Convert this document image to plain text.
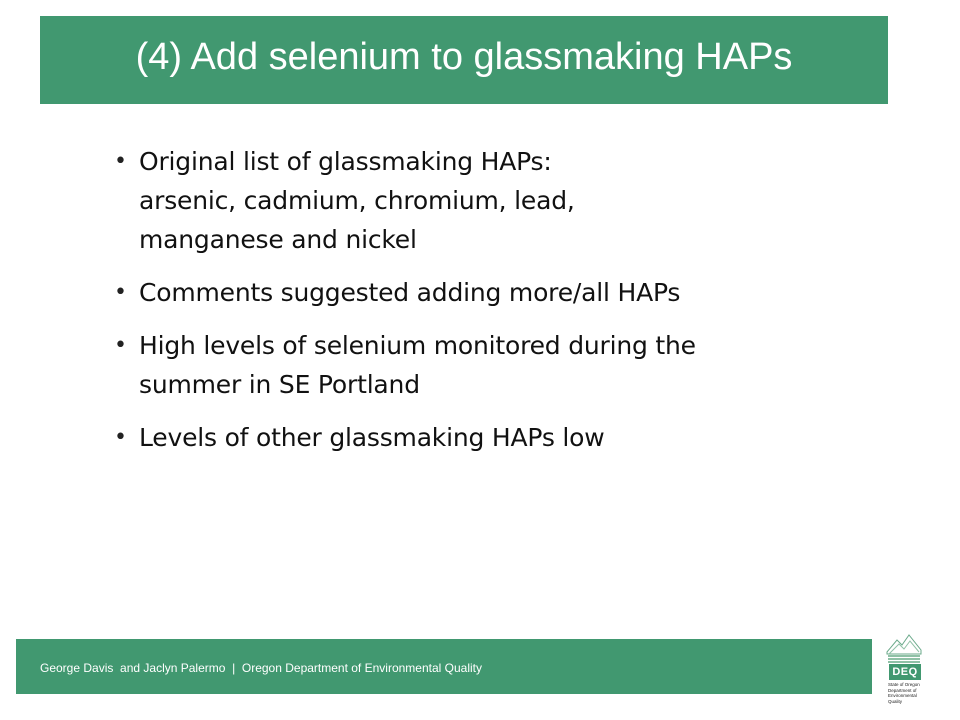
(4) Add selenium to glassmaking HAPs
• Original list of glassmaking HAPs:
arsenic, cadmium, chromium, lead,
manganese and nickel
• Comments suggested adding more/all HAPs
• High levels of selenium monitored during the
summer in SE Portland
• Levels of other glassmaking HAPs low
George Davis  and Jaclyn Palermo  |  Oregon Department of Environmental Quality	DEQ
State of Oregon
Department of
Environmental
Quality
